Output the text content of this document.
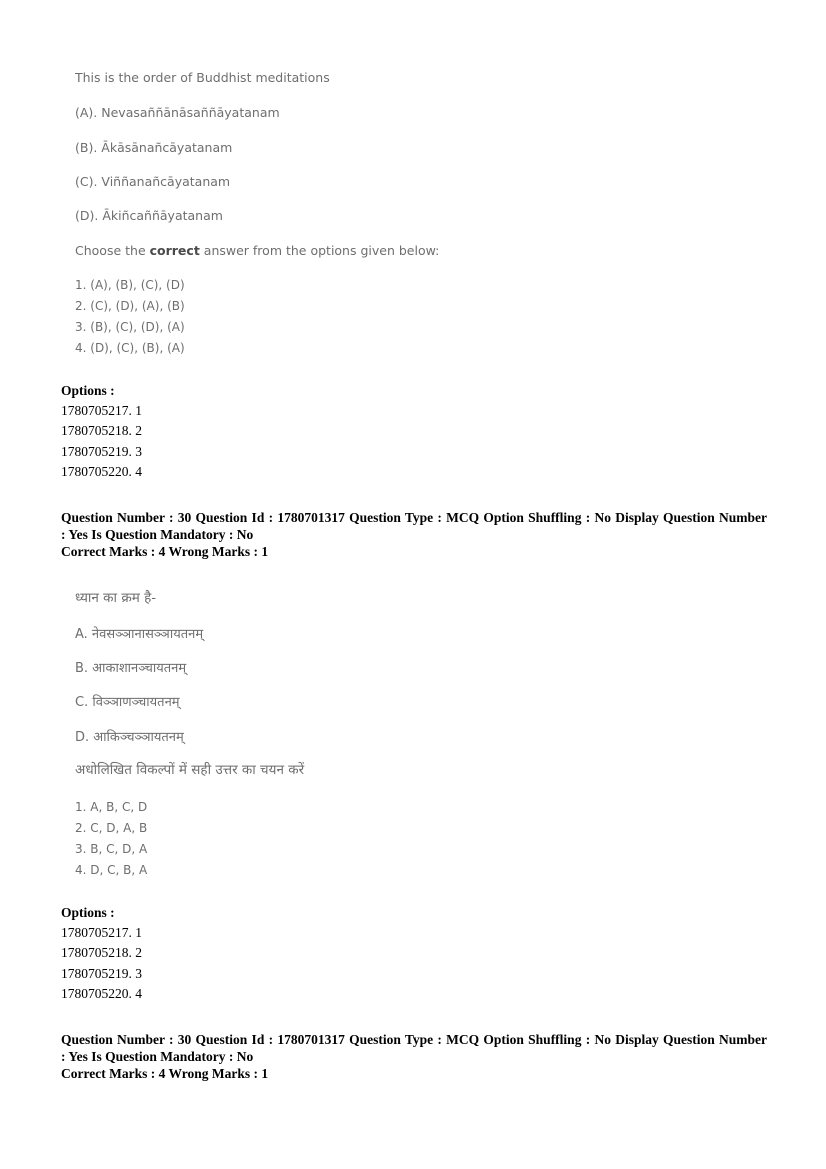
This is the order of Buddhist meditations
(A). Nevasaññānāsaññāyatanam
(B). Ākāsānañcāyatanam
(C). Viññanañcāyatanam
(D). Ākiñcaññāyatanam
Choose the correct answer from the options given below:
1. (A), (B), (C), (D)
2. (C), (D), (A), (B)
3. (B), (C), (D), (A)
4. (D), (C), (B), (A)
Options :
1780705217. 1
1780705218. 2
1780705219. 3
1780705220. 4
Question Number : 30 Question Id : 1780701317 Question Type : MCQ Option Shuffling : No Display Question Number
: Yes Is Question Mandatory : No
Correct Marks : 4 Wrong Marks : 1
ध्यान का क्रम है-
A. नेवसञ्ञानासञ्ञायतनम्
B. आकाशानञ्चायतनम्
C. विञ्ञाणञ्चायतनम्
D. आकिञ्चञ्ञायतनम्
अधोलिखित विकल्पों में सही उत्तर का चयन करें
1. A, B, C, D
2. C, D, A, B
3. B, C, D, A
4. D, C, B, A
Options :
1780705217. 1
1780705218. 2
1780705219. 3
1780705220. 4
Question Number : 30 Question Id : 1780701317 Question Type : MCQ Option Shuffling : No Display Question Number
: Yes Is Question Mandatory : No
Correct Marks : 4 Wrong Marks : 1
